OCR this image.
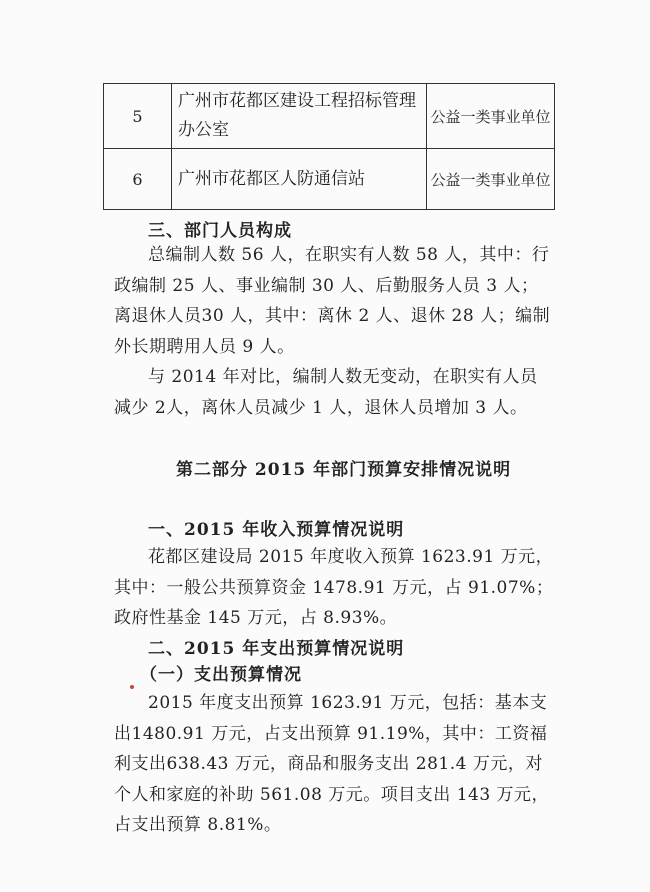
5	广州市花都区建设工程招标管理办公室	公益一类事业单位
6	广州市花都区人防通信站	公益一类事业单位
三、部门人员构成

总编制人数 56 人，在职实有人数 58 人，其中：行政编制 25 人、事业编制 30 人、后勤服务人员 3 人；离退休人员30 人，其中：离休 2 人、退休 28 人；编制外长期聘用人员 9 人。

与 2014 年对比，编制人数无变动，在职实有人员减少 2人，离休人员减少 1 人，退休人员增加 3 人。

第二部分 2015 年部门预算安排情况说明
一、2015 年收入预算情况说明

花都区建设局 2015 年度收入预算 1623.91 万元，其中：一般公共预算资金 1478.91 万元，占 91.07%；政府性基金 145 万元，占 8.93%。

二、2015 年支出预算情况说明
（一）支出预算情况

2015 年度支出预算 1623.91 万元，包括：基本支出1480.91 万元，占支出预算 91.19%，其中：工资福利支出638.43 万元，商品和服务支出 281.4 万元，对个人和家庭的补助 561.08 万元。项目支出 143 万元，占支出预算 8.81%。
